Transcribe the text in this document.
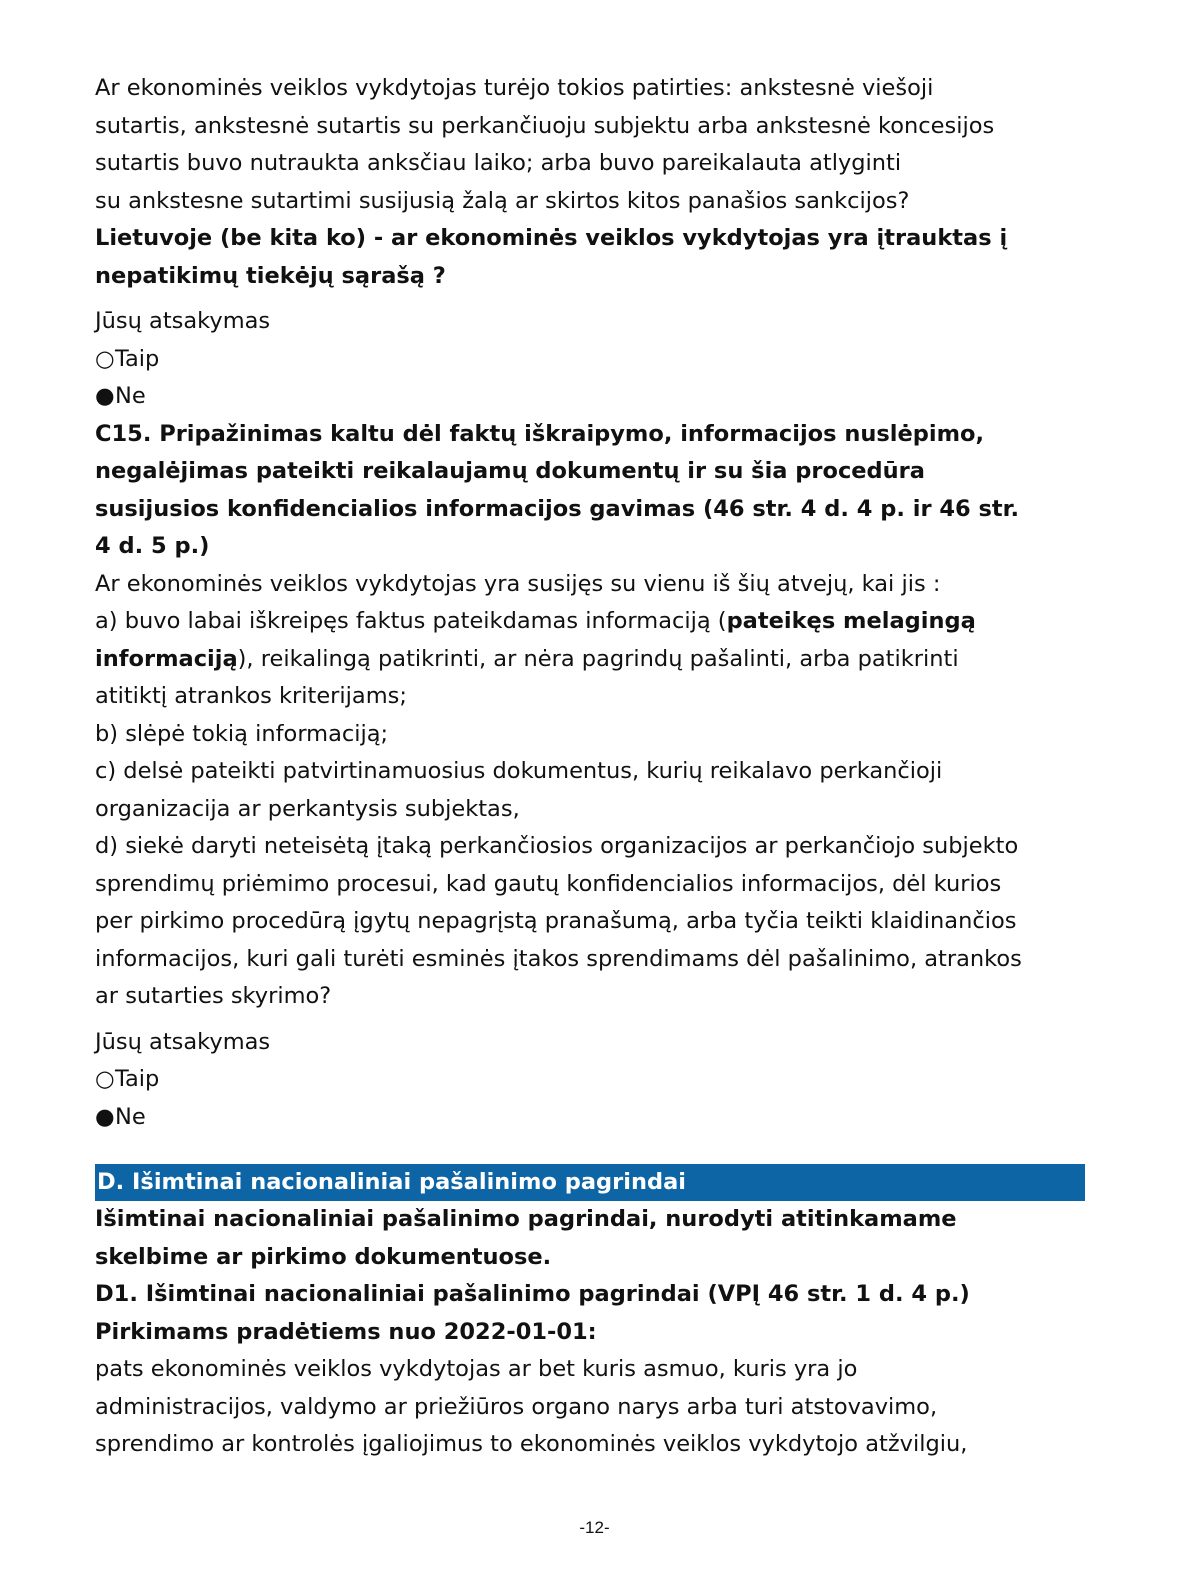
Ar ekonominės veiklos vykdytojas turėjo tokios patirties: ankstesnė viešoji

sutartis, ankstesnė sutartis su perkančiuoju subjektu arba ankstesnė koncesijos

sutartis buvo nutraukta anksčiau laiko; arba buvo pareikalauta atlyginti

su ankstesne sutartimi susijusią žalą ar skirtos kitos panašios sankcijos?

Lietuvoje (be kita ko) - ar ekonominės veiklos vykdytojas yra įtrauktas į

nepatikimų tiekėjų sąrašą ?

Jūsų atsakymas

○Taip

●Ne

C15. Pripažinimas kaltu dėl faktų iškraipymo, informacijos nuslėpimo,

negalėjimas pateikti reikalaujamų dokumentų ir su šia procedūra

susijusios konfidencialios informacijos gavimas (46 str. 4 d. 4 p. ir 46 str.

4 d. 5 p.)

Ar ekonominės veiklos vykdytojas yra susijęs su vienu iš šių atvejų, kai jis :

a) buvo labai iškreipęs faktus pateikdamas informaciją (pateikęs melagingą

informaciją), reikalingą patikrinti, ar nėra pagrindų pašalinti, arba patikrinti

atitiktį atrankos kriterijams;

b) slėpė tokią informaciją;

c) delsė pateikti patvirtinamuosius dokumentus, kurių reikalavo perkančioji

organizacija ar perkantysis subjektas,

d) siekė daryti neteisėtą įtaką perkančiosios organizacijos ar perkančiojo subjekto

sprendimų priėmimo procesui, kad gautų konfidencialios informacijos, dėl kurios

per pirkimo procedūrą įgytų nepagrįstą pranašumą, arba tyčia teikti klaidinančios

informacijos, kuri gali turėti esminės įtakos sprendimams dėl pašalinimo, atrankos

ar sutarties skyrimo?

Jūsų atsakymas

○Taip

●Ne

D. Išimtinai nacionaliniai pašalinimo pagrindai

Išimtinai nacionaliniai pašalinimo pagrindai, nurodyti atitinkamame

skelbime ar pirkimo dokumentuose.

D1. Išimtinai nacionaliniai pašalinimo pagrindai (VPĮ 46 str. 1 d. 4 p.)

Pirkimams pradėtiems nuo 2022-01-01:

pats ekonominės veiklos vykdytojas ar bet kuris asmuo, kuris yra jo

administracijos, valdymo ar priežiūros organo narys arba turi atstovavimo,

sprendimo ar kontrolės įgaliojimus to ekonominės veiklos vykdytojo atžvilgiu,

-12-
